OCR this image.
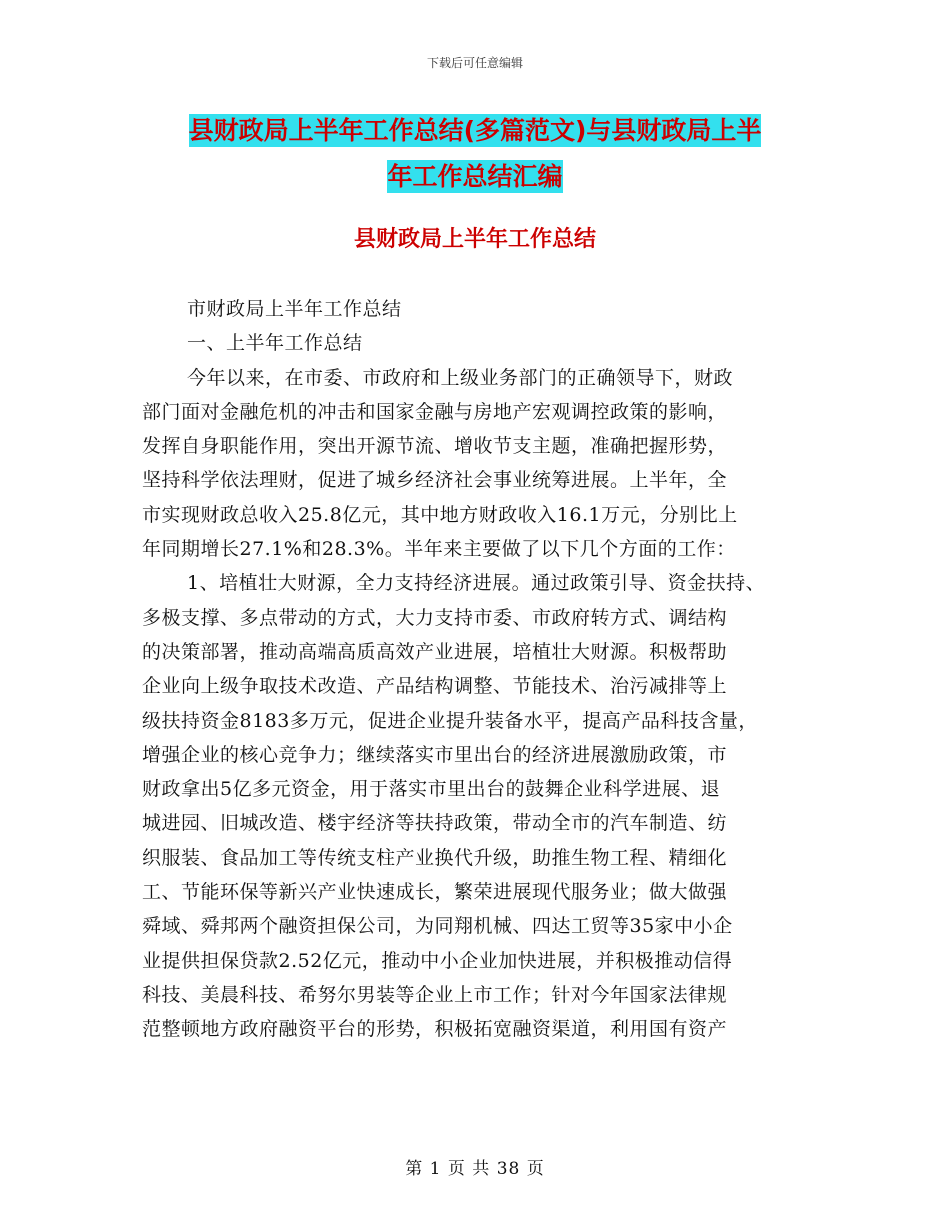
下载后可任意编辑
县财政局上半年工作总结(多篇范文)与县财政局上半
年工作总结汇编
县财政局上半年工作总结
市财政局上半年工作总结
一、上半年工作总结
今年以来，在市委、市政府和上级业务部门的正确领导下，财政
部门面对金融危机的冲击和国家金融与房地产宏观调控政策的影响，
发挥自身职能作用，突出开源节流、增收节支主题，准确把握形势，
坚持科学依法理财，促进了城乡经济社会事业统筹进展。上半年，全
市实现财政总收入25.8亿元，其中地方财政收入16.1万元，分别比上
年同期增长27.1%和28.3%。半年来主要做了以下几个方面的工作：
1、培植壮大财源，全力支持经济进展。通过政策引导、资金扶持、
多极支撑、多点带动的方式，大力支持市委、市政府转方式、调结构
的决策部署，推动高端高质高效产业进展，培植壮大财源。积极帮助
企业向上级争取技术改造、产品结构调整、节能技术、治污减排等上
级扶持资金8183多万元，促进企业提升装备水平，提高产品科技含量，
增强企业的核心竞争力；继续落实市里出台的经济进展激励政策，市
财政拿出5亿多元资金，用于落实市里出台的鼓舞企业科学进展、退
城进园、旧城改造、楼宇经济等扶持政策，带动全市的汽车制造、纺
织服装、食品加工等传统支柱产业换代升级，助推生物工程、精细化
工、节能环保等新兴产业快速成长，繁荣进展现代服务业；做大做强
舜域、舜邦两个融资担保公司，为同翔机械、四达工贸等35家中小企
业提供担保贷款2.52亿元，推动中小企业加快进展，并积极推动信得
科技、美晨科技、希努尔男装等企业上市工作；针对今年国家法律规
范整顿地方政府融资平台的形势，积极拓宽融资渠道，利用国有资产
第 1 页 共 38 页
